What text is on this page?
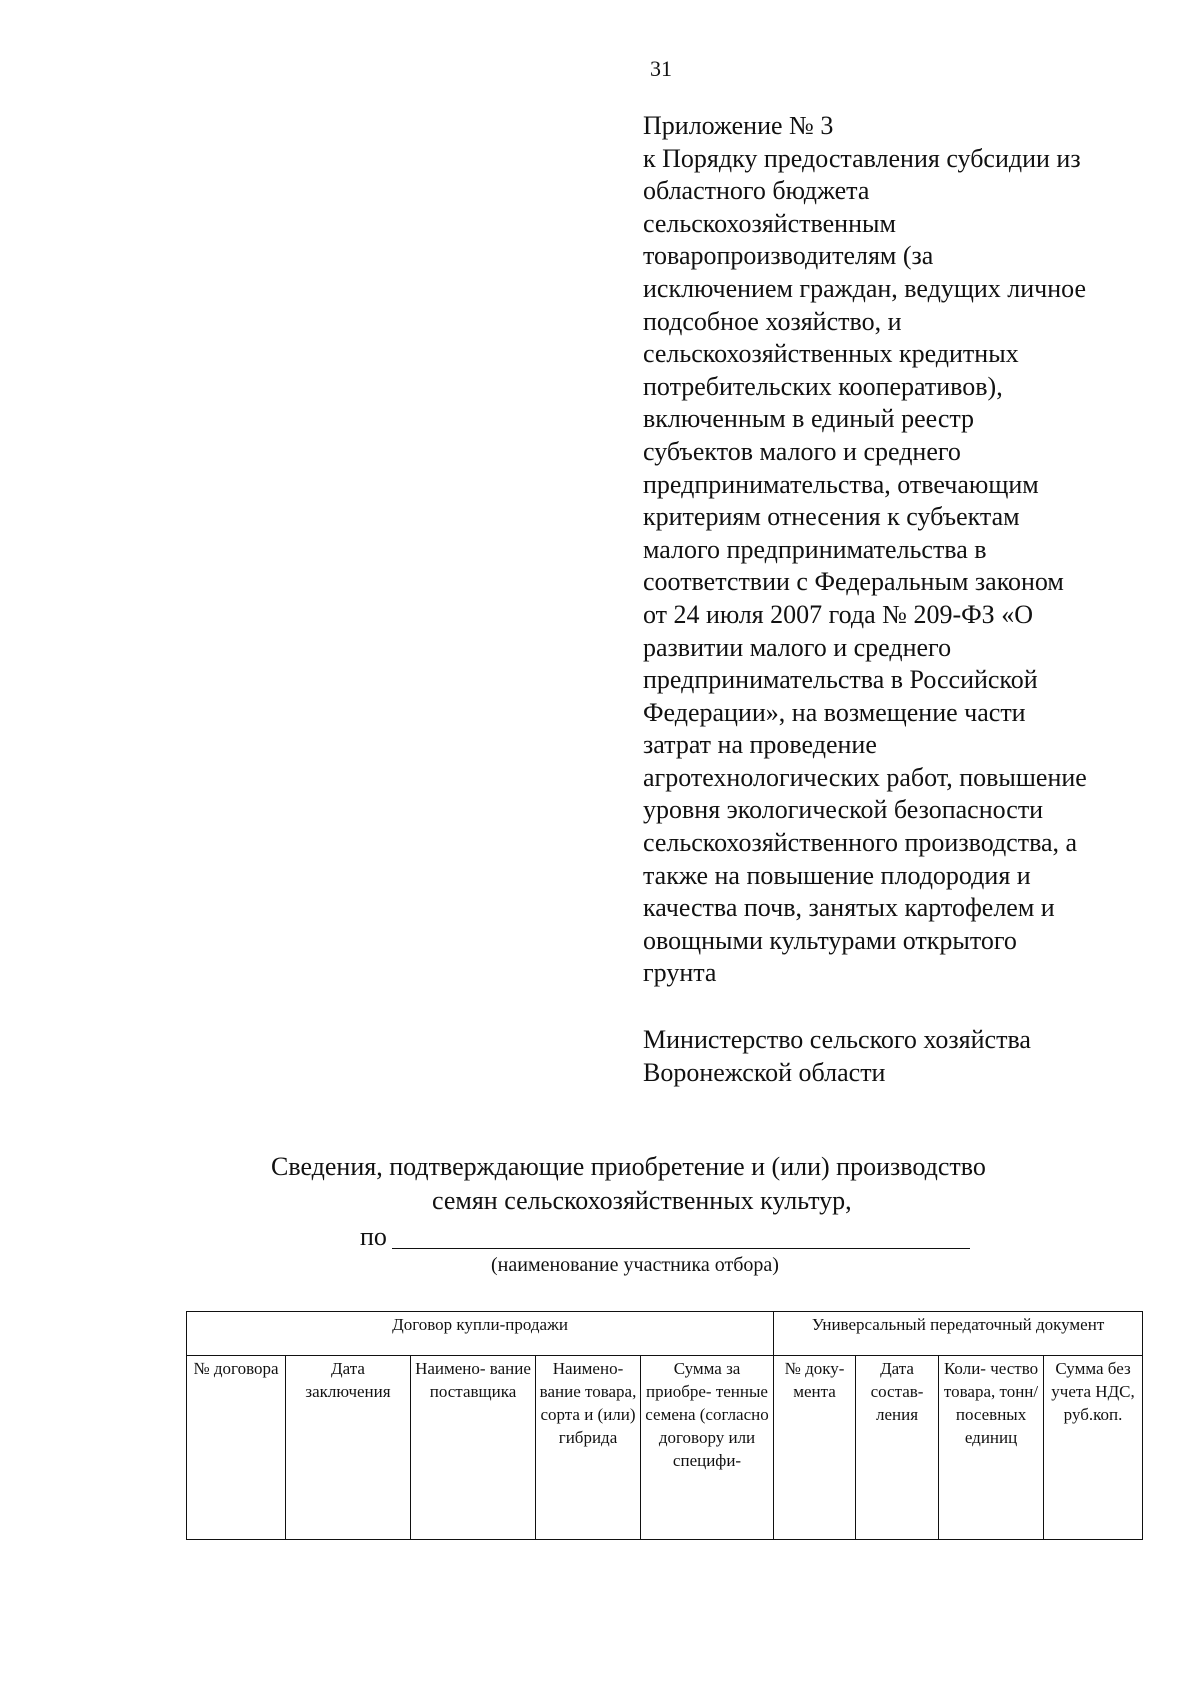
31
Приложение № 3
к Порядку предоставления субсидии из
областного бюджета
сельскохозяйственным
товаропроизводителям (за
исключением граждан, ведущих личное
подсобное хозяйство, и
сельскохозяйственных кредитных
потребительских кооперативов),
включенным в единый реестр
субъектов малого и среднего
предпринимательства, отвечающим
критериям отнесения к субъектам
малого предпринимательства в
соответствии с Федеральным законом
от 24 июля 2007 года № 209-ФЗ «О
развитии малого и среднего
предпринимательства в Российской
Федерации», на возмещение части
затрат на проведение
агротехнологических работ, повышение
уровня экологической безопасности
сельскохозяйственного производства, а
также на повышение плодородия и
качества почв, занятых картофелем и
овощными культурами открытого
грунта
Министерство сельского хозяйства
Воронежской области
Сведения, подтверждающие приобретение и (или) производство
семян сельскохозяйственных культур,
по
(наименование участника отбора)
Договор купли-продажи					Универсальный передаточный документ			
№ договора	Дата заключения	Наимено- вание поставщика	Наимено- вание товара, сорта и (или) гибрида	Сумма за приобре- тенные семена (согласно договору или специфи-	№ доку- мента	Дата состав- ления	Коли- чество товара, тонн/ посевных единиц	Сумма без учета НДС, руб.коп.
